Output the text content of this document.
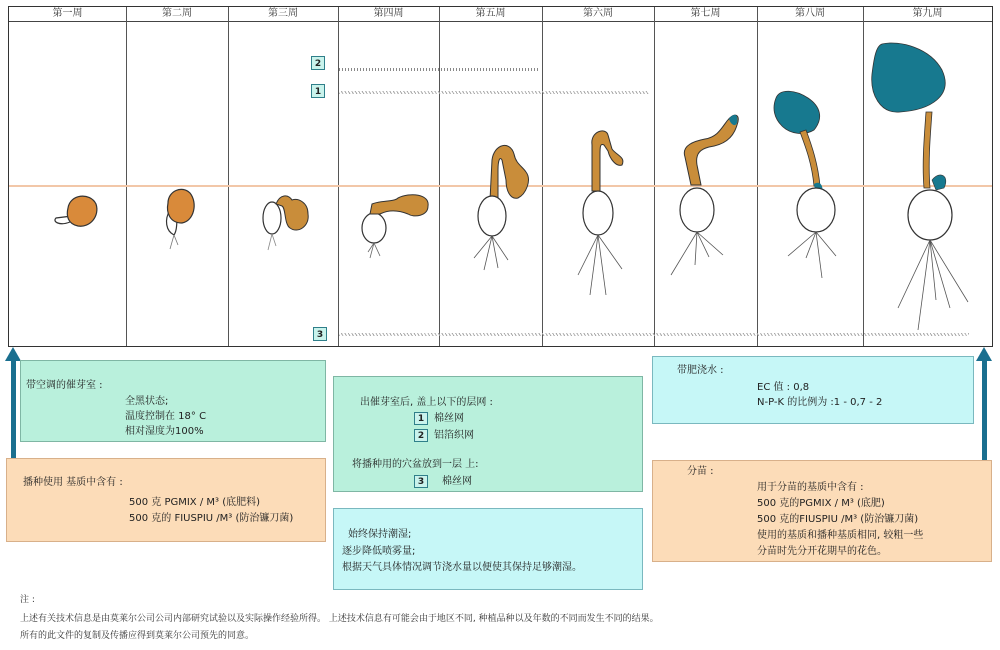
第一周	第二周	第三周	第四周	第五周	第六周	第七周	第八周	第九周
2
1
3
带空调的催芽室 :
全黑状态;
温度控制在 18° C
相对湿度为100%
播种使用 基质中含有 :
500 克 PGMIX / M³ (底肥料)
500 克的 FIUSPIU /M³ (防治镰刀菌)
出催芽室后, 盖上以下的层网 :
1 棉丝网
2 铝箔织网
将播种用的穴盆放到一层 上:
3 棉丝网
始终保持潮湿;
逐步降低喷雾量;
根据天气具体情况调节浇水量以便使其保持足够潮湿。
带肥浇水 :
EC 值 : 0,8
N-P-K 的比例为 :1 - 0,7 - 2
分苗 :
用于分苗的基质中含有 :
500 克的PGMIX / M³ (底肥)
500 克的FIUSPIU /M³ (防治镰刀菌)
使用的基质和播种基质相同, 较粗一些
分苗时先分开花期早的花色。
注 :
上述有关技术信息是由莫莱尔公司公司内部研究试验以及实际操作经验所得。 上述技术信息有可能会由于地区不同, 种植品种以及年数的不同而发生不同的结果。
所有的此文件的复制及传播应得到莫莱尔公司预先的同意。
